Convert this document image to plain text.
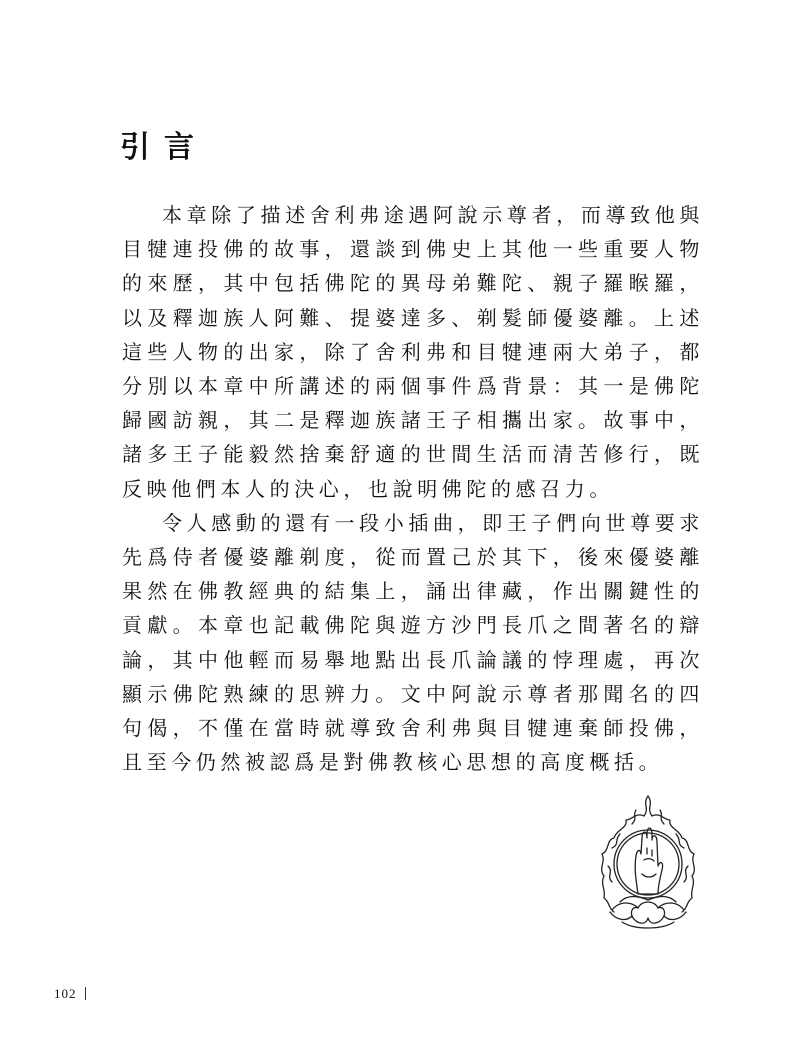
引言

本章除了描述舍利弗途遇阿說示尊者，而導致他與目犍連投佛的故事，還談到佛史上其他一些重要人物的來歷，其中包括佛陀的異母弟難陀、親子羅睺羅，以及釋迦族人阿難、提婆達多、剃髮師優婆離。上述這些人物的出家，除了舍利弗和目犍連兩大弟子，都分別以本章中所講述的兩個事件爲背景：其一是佛陀歸國訪親，其二是釋迦族諸王子相攜出家。故事中，諸多王子能毅然捨棄舒適的世間生活而清苦修行，既反映他們本人的決心，也說明佛陀的感召力。

令人感動的還有一段小插曲，即王子們向世尊要求先爲侍者優婆離剃度，從而置己於其下，後來優婆離果然在佛教經典的結集上，誦出律藏，作出關鍵性的貢獻。本章也記載佛陀與遊方沙門長爪之間著名的辯論，其中他輕而易舉地點出長爪論議的悖理處，再次顯示佛陀熟練的思辨力。文中阿說示尊者那聞名的四句偈，不僅在當時就導致舍利弗與目犍連棄師投佛，且至今仍然被認爲是對佛教核心思想的高度概括。

102
